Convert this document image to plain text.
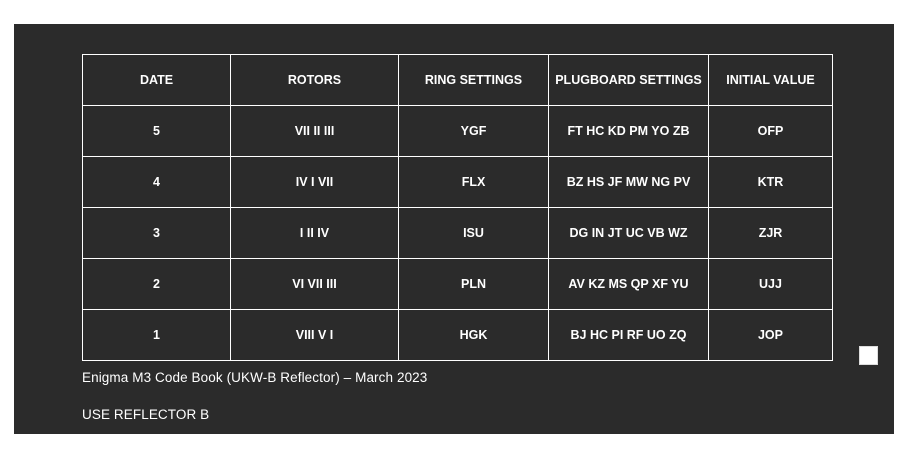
DATE	ROTORS	RING SETTINGS	PLUGBOARD SETTINGS	INITIAL VALUE
5	VII II III	YGF	FT HC KD PM YO ZB	OFP
4	IV I VII	FLX	BZ HS JF MW NG PV	KTR
3	I II IV	ISU	DG IN JT UC VB WZ	ZJR
2	VI VII III	PLN	AV KZ MS QP XF YU	UJJ
1	VIII V I	HGK	BJ HC PI RF UO ZQ	JOP
Enigma M3 Code Book (UKW-B Reflector) – March 2023
USE REFLECTOR B
